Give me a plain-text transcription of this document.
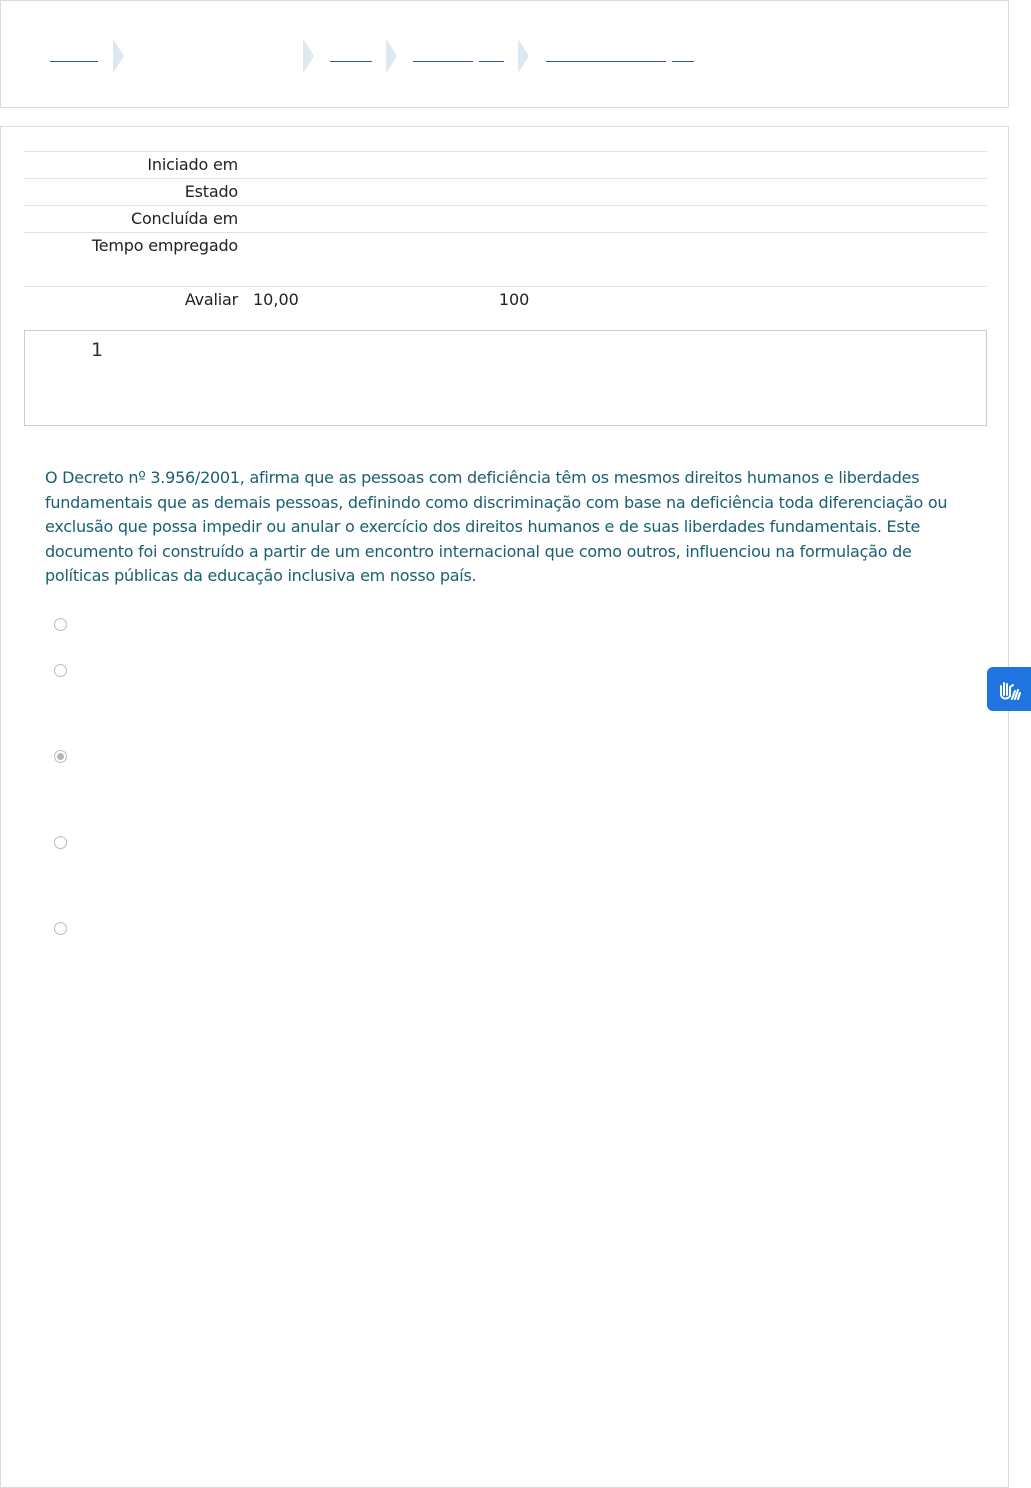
Iniciado em	
Estado	
Concluída em	
Tempo empregado	
Avaliar	10,00 100
1
O Decreto nº 3.956/2001, afirma que as pessoas com deficiência têm os mesmos direitos humanos e liberdades fundamentais que as demais pessoas, definindo como discriminação com base na deficiência toda diferenciação ou exclusão que possa impedir ou anular o exercício dos direitos humanos e de suas liberdades fundamentais. Este documento foi construído a partir de um encontro internacional que como outros, influenciou na formulação de políticas públicas da educação inclusiva em nosso país.
